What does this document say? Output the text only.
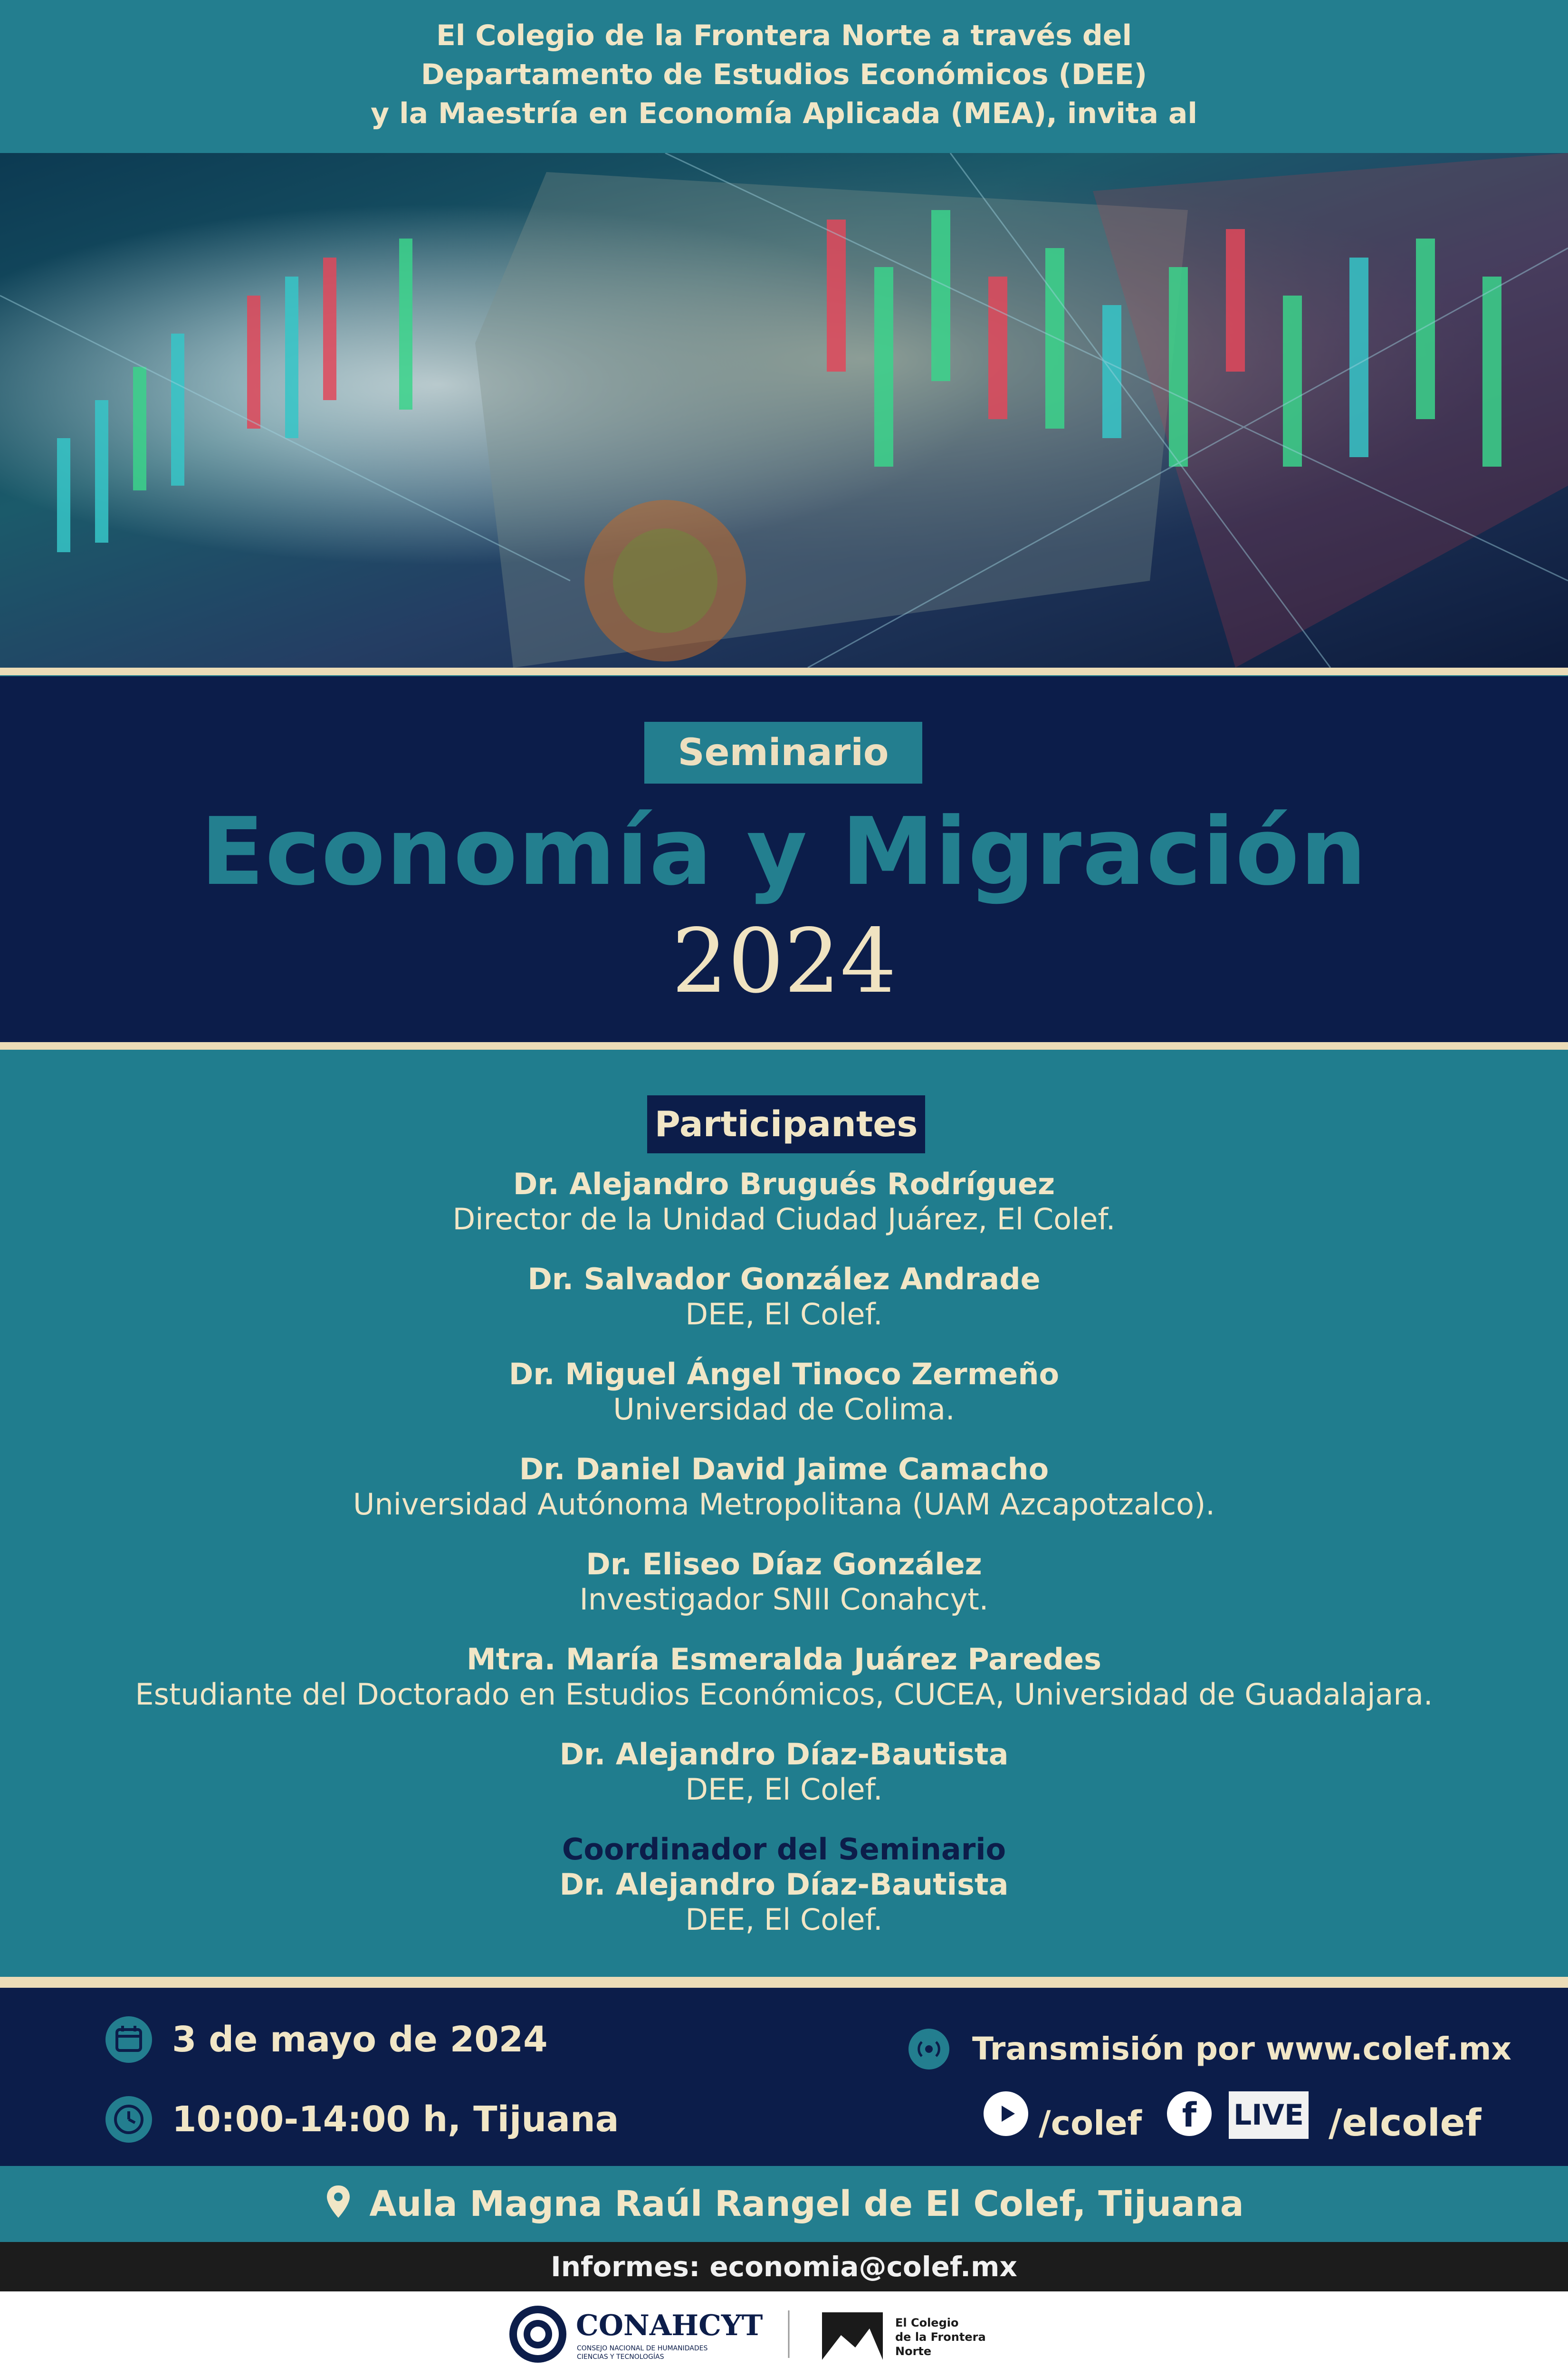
El Colegio de la Frontera Norte a través del
Departamento de Estudios Económicos (DEE)
y la Maestría en Economía Aplicada (MEA), invita al
Seminario
Economía y Migración
2024
Participantes
Dr. Alejandro Brugués Rodríguez
Director de la Unidad Ciudad Juárez, El Colef.
Dr. Salvador González Andrade
DEE, El Colef.
Dr. Miguel Ángel Tinoco Zermeño
Universidad de Colima.
Dr. Daniel David Jaime Camacho
Universidad Autónoma Metropolitana (UAM Azcapotzalco).
Dr. Eliseo Díaz González
Investigador SNII Conahcyt.
Mtra. María Esmeralda Juárez Paredes
Estudiante del Doctorado en Estudios Económicos, CUCEA, Universidad de Guadalajara.
Dr. Alejandro Díaz-Bautista
DEE, El Colef.
Coordinador del Seminario
Dr. Alejandro Díaz-Bautista
DEE, El Colef.
3 de mayo de 2024
10:00-14:00 h, Tijuana
Transmisión por www.colef.mx
/colef f LIVE /elcolef
Aula Magna Raúl Rangel de El Colef, Tijuana
Informes: economia@colef.mx
CONAHCYT
CONSEJO NACIONAL DE HUMANIDADES
CIENCIAS Y TECNOLOGÍAS
El Colegio
de la Frontera
Norte
